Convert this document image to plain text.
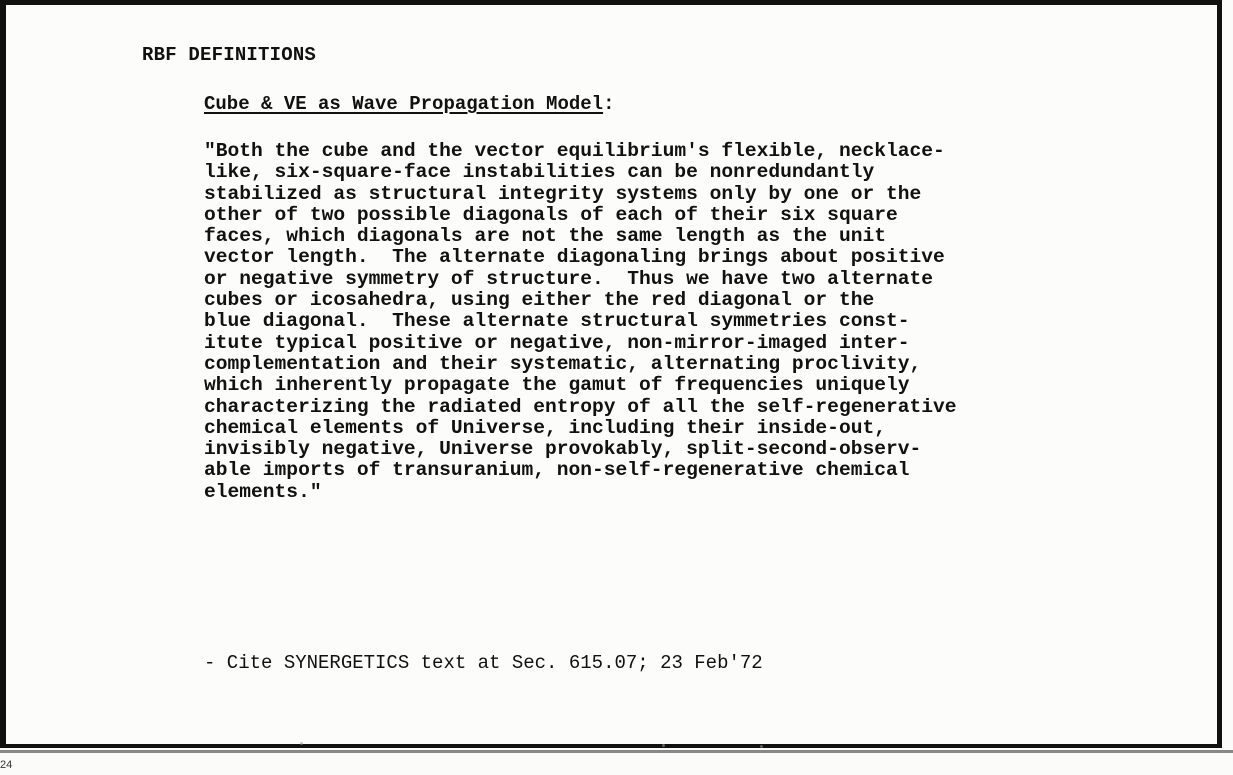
RBF DEFINITIONS
Cube & VE as Wave Propagation Model:
"Both the cube and the vector equilibrium's flexible, necklace-
like, six-square-face instabilities can be nonredundantly
stabilized as structural integrity systems only by one or the
other of two possible diagonals of each of their six square
faces, which diagonals are not the same length as the unit
vector length.  The alternate diagonaling brings about positive
or negative symmetry of structure.  Thus we have two alternate
cubes or icosahedra, using either the red diagonal or the
blue diagonal.  These alternate structural symmetries const-
itute typical positive or negative, non-mirror-imaged inter-
complementation and their systematic, alternating proclivity,
which inherently propagate the gamut of frequencies uniquely
characterizing the radiated entropy of all the self-regenerative
chemical elements of Universe, including their inside-out,
invisibly negative, Universe provokably, split-second-observ-
able imports of transuranium, non-self-regenerative chemical
elements."
- Cite SYNERGETICS text at Sec. 615.07; 23 Feb'72
24
